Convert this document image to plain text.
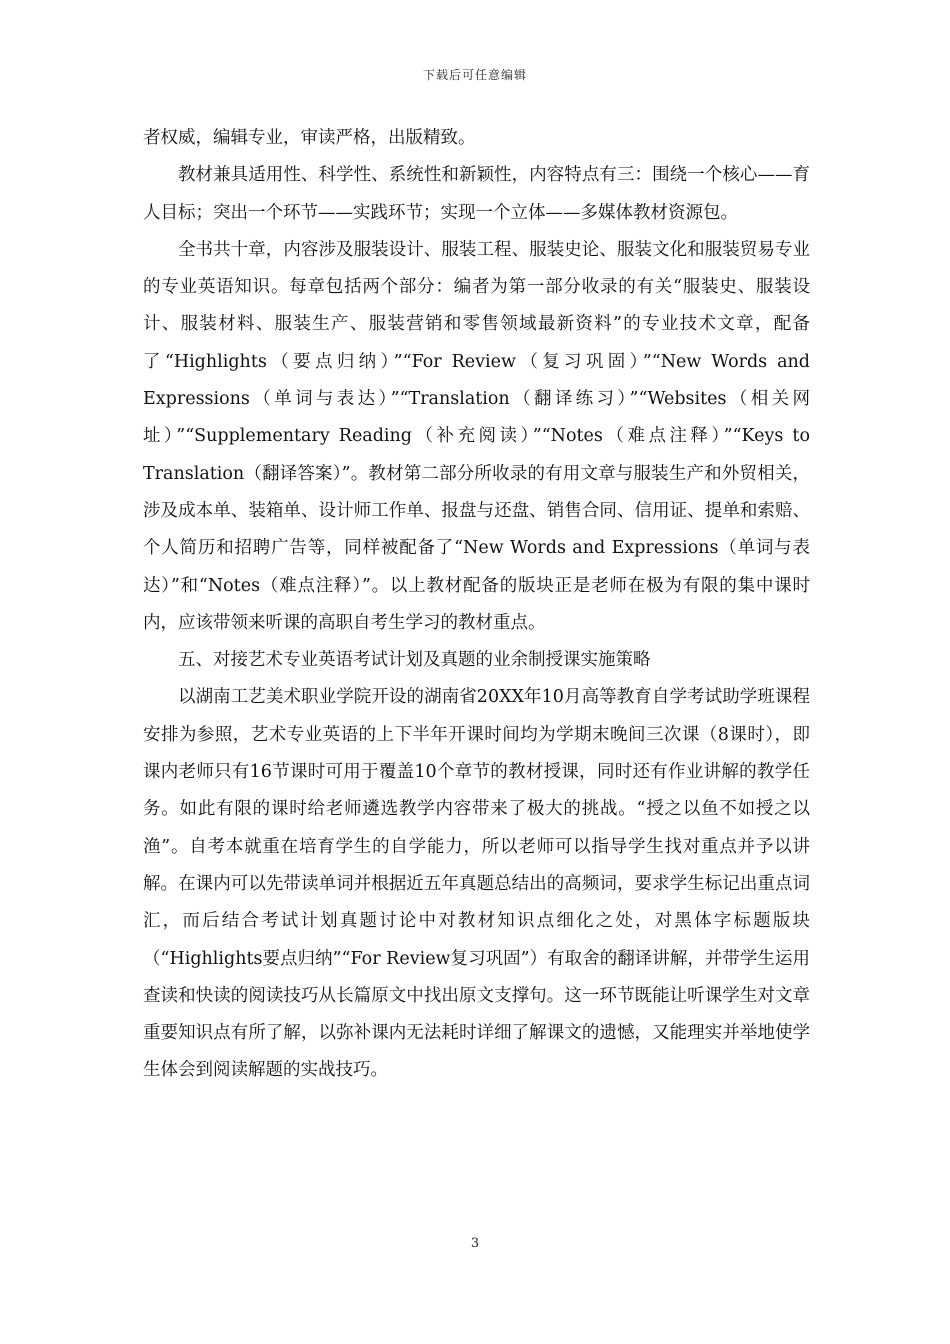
下载后可任意编辑

者权威，编辑专业，审读严格，出版精致。

教材兼具适用性、科学性、系统性和新颖性，内容特点有三：围绕一个核心——育人目标；突出一个环节——实践环节；实现一个立体——多媒体教材资源包。

全书共十章，内容涉及服装设计、服装工程、服装史论、服装文化和服装贸易专业的专业英语知识。每章包括两个部分：编者为第一部分收录的有关“服装史、服装设计、服装材料、服装生产、服装营销和零售领域最新资料”的专业技术文章，配备了“Highlights（要点归纳）”“For Review（复习巩固）”“New Words and Expressions（单词与表达）”“Translation（翻译练习）”“Websites（相关网址）”“Supplementary Reading（补充阅读）”“Notes（难点注释）”“Keys to Translation（翻译答案）”。教材第二部分所收录的有用文章与服装生产和外贸相关，涉及成本单、装箱单、设计师工作单、报盘与还盘、销售合同、信用证、提单和索赔、个人简历和招聘广告等，同样被配备了“New Words and Expressions（单词与表达）”和“Notes（难点注释）”。以上教材配备的版块正是老师在极为有限的集中课时内，应该带领来听课的高职自考生学习的教材重点。

五、对接艺术专业英语考试计划及真题的业余制授课实施策略

以湖南工艺美术职业学院开设的湖南省20XX年10月高等教育自学考试助学班课程安排为参照，艺术专业英语的上下半年开课时间均为学期末晚间三次课（8课时），即课内老师只有16节课时可用于覆盖10个章节的教材授课，同时还有作业讲解的教学任务。如此有限的课时给老师遴选教学内容带来了极大的挑战。“授之以鱼不如授之以渔”。自考本就重在培育学生的自学能力，所以老师可以指导学生找对重点并予以讲解。在课内可以先带读单词并根据近五年真题总结出的高频词，要求学生标记出重点词汇，而后结合考试计划真题讨论中对教材知识点细化之处，对黑体字标题版块（“Highlights要点归纳”“For Review复习巩固”）有取舍的翻译讲解，并带学生运用查读和快读的阅读技巧从长篇原文中找出原文支撑句。这一环节既能让听课学生对文章重要知识点有所了解，以弥补课内无法耗时详细了解课文的遗憾，又能理实并举地使学生体会到阅读解题的实战技巧。

3
